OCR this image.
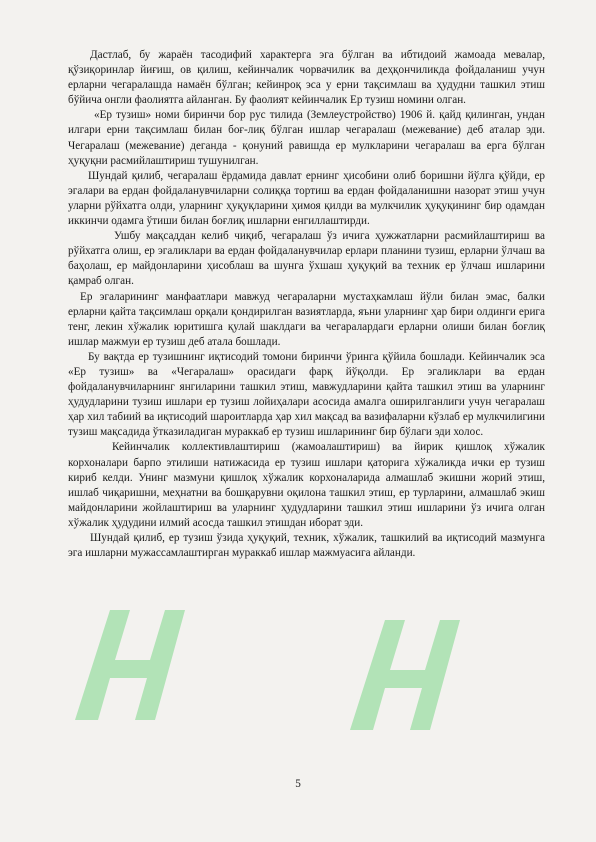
Дастлаб, бу жараён тасодифий характерга эга бўлган ва ибтидоий жамоада мевалар, қўзиқоринлар йиғиш, ов қилиш, кейинчалик чорвачилик ва деҳқончиликда фойдаланиш учун ерларни чегаралашда намаён бўлган; кейинроқ эса у ерни тақсимлаш ва ҳудудни ташкил этиш бўйича онгли фаолиятга айланган. Бу фаолият кейинчалик Ер тузиш номини олган.

«Ер тузиш» номи биринчи бор рус тилида (Землеустройство) 1906 й. қайд қилинган, ундан илгари ерни тақсимлаш билан боғ-лиқ бўлган ишлар чегаралаш (межевание) деб аталар эди. Чегаралаш (межевание) деганда - қонуний равишда ер мулкларини чегаралаш ва ерга бўлган ҳуқуқни расмийлаштириш тушунилган.

Шундай қилиб, чегаралаш ёрдамида давлат ернинг ҳисобини олиб боришни йўлга қўйди, ер эгалари ва ердан фойдаланувчиларни солиққа тортиш ва ердан фойдаланишни назорат этиш учун уларни рўйхатга олди, уларнинг ҳуқуқларини ҳимоя қилди ва мулкчилик ҳуқуқининг бир одамдан иккинчи одамга ўтиши билан боғлиқ ишларни енгиллаштирди.

Ушбу мақсаддан келиб чиқиб, чегаралаш ўз ичига ҳужжатларни расмийлаштириш ва рўйхатга олиш, ер эгаликлари ва ердан фойдаланувчилар ерлари планини тузиш, ерларни ўлчаш ва баҳолаш, ер майдонларини ҳисоблаш ва шунга ўхшаш ҳуқуқий ва техник ер ўлчаш ишларини қамраб олган.

Ер эгаларининг манфаатлари мавжуд чегараларни мустаҳкамлаш йўли билан эмас, балки ерларни қайта тақсимлаш орқали қондирилган вазиятларда, яъни уларнинг ҳар бири олдинги ерига тенг, лекин хўжалик юритишга қулай шаклдаги ва чегаралардаги ерларни олиши билан боғлиқ ишлар мажмуи ер тузиш деб атала бошлади.

Бу вақтда ер тузишнинг иқтисодий томони биринчи ўринга қўйила бошлади. Кейинчалик эса «Ер тузиш» ва «Чегаралаш» орасидаги фарқ йўқолди. Ер эгаликлари ва ердан фойдаланувчиларнинг янгиларини ташкил этиш, мавжудларини қайта ташкил этиш ва уларнинг ҳудудларини тузиш ишлари ер тузиш лойиҳалари асосида амалга оширилганлиги учун чегаралаш ҳар хил табиий ва иқтисодий шароитларда ҳар хил мақсад ва вазифаларни кўзлаб ер мулкчилигини тузиш мақсадида ўтказиладиган мураккаб ер тузиш ишларининг бир бўлаги эди холос.

Кейинчалик коллективлаштириш (жамоалаштириш) ва йирик қишлоқ хўжалик корхоналари барпо этилиши натижасида ер тузиш ишлари қаторига хўжаликда ички ер тузиш кириб келди. Унинг мазмуни қишлоқ хўжалик корхоналарида алмашлаб экишни жорий этиш, ишлаб чиқаришни, меҳнатни ва бошқарувни оқилона ташкил этиш, ер турларини, алмашлаб экиш майдонларини жойлаштириш ва уларнинг ҳудудларини ташкил этиш ишларини ўз ичига олган хўжалик ҳудудини илмий асосда ташкил этишдан иборат эди.

Шундай қилиб, ер тузиш ўзида ҳуқуқий, техник, хўжалик, ташкилий ва иқтисодий мазмунга эга ишларни мужассамлаштирган мураккаб ишлар мажмуасига айланди.

5
